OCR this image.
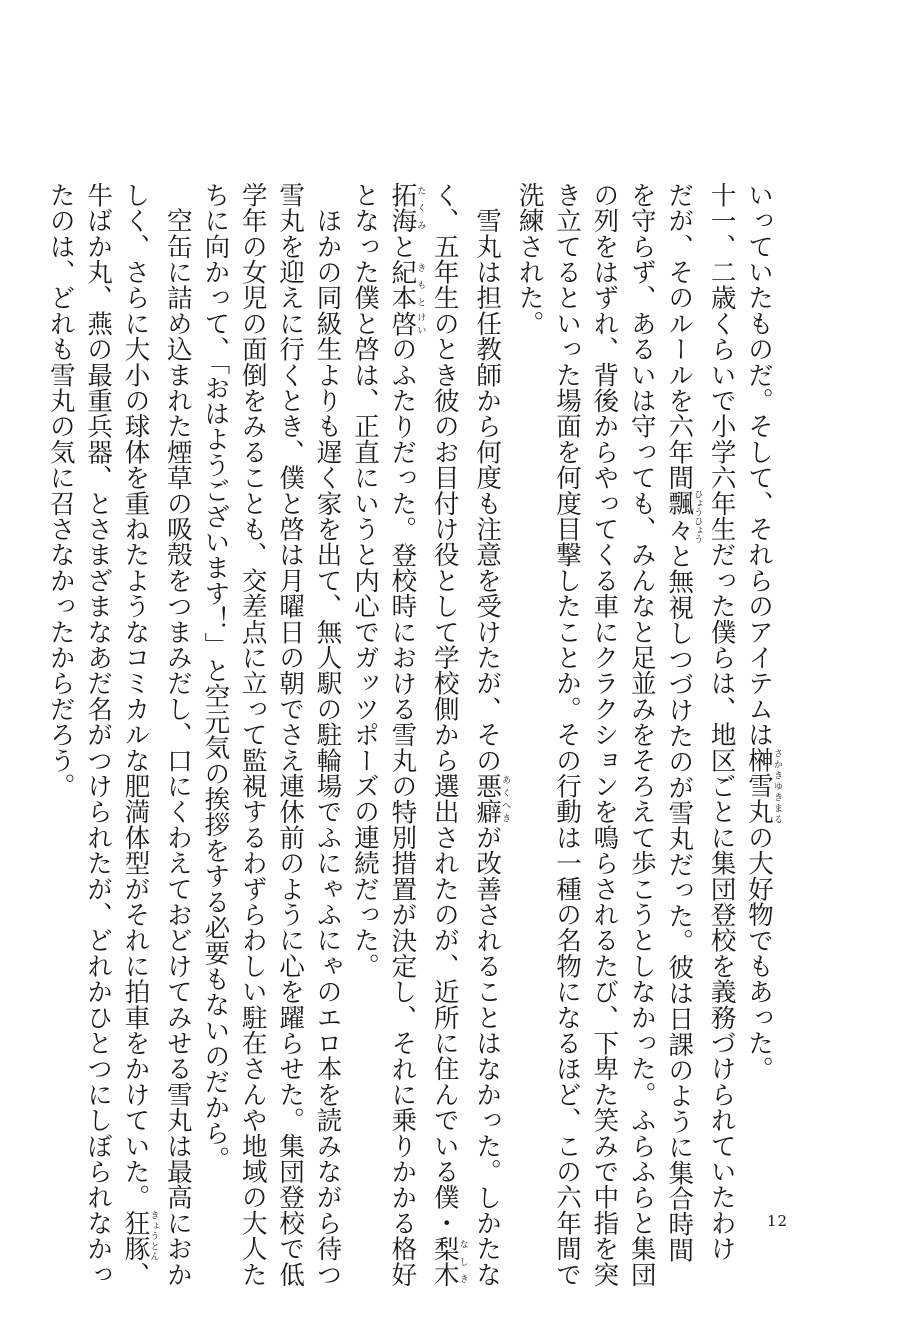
いっていたものだ。そして、それらのアイテムは榊雪丸さかきゆきまるの大好物でもあった。
十一、二歳くらいで小学六年生だった僕らは、地区ごとに集団登校を義務づけられていたわけ
だが、そのルールを六年間飄々ひょうひょうと無視しつづけたのが雪丸だった。彼は日課のように集合時間
を守らず、あるいは守っても、みんなと足並みをそろえて歩こうとしなかった。ふらふらと集団
の列をはずれ、背後からやってくる車にクラクションを鳴らされるたび、下卑た笑みで中指を突
き立てるといった場面を何度目撃したことか。その行動は一種の名物になるほど、この六年間で
洗練された。
　雪丸は担任教師から何度も注意を受けたが、その悪癖あくへきが改善されることはなかった。しかたな
く、五年生のとき彼のお目付け役として学校側から選出されたのが、近所に住んでいる僕・梨木なしき
拓海たくみと紀本きもと啓けいのふたりだった。登校時における雪丸の特別措置が決定し、それに乗りかかる格好
となった僕と啓は、正直にいうと内心でガッツポーズの連続だった。
　ほかの同級生よりも遅く家を出て、無人駅の駐輪場でふにゃふにゃのエロ本を読みながら待つ
雪丸を迎えに行くとき、僕と啓は月曜日の朝でさえ連休前のように心を躍らせた。集団登校で低
学年の女児の面倒をみることも、交差点に立って監視するわずらわしい駐在さんや地域の大人た
ちに向かって、「おはようございます！」と空元気の挨拶をする必要もないのだから。
　空缶に詰め込まれた煙草の吸殻をつまみだし、口にくわえておどけてみせる雪丸は最高におか
しく、さらに大小の球体を重ねたようなコミカルな肥満体型がそれに拍車をかけていた。狂豚きょうとん、
牛ばか丸、燕の最重兵器、とさまざまなあだ名がつけられたが、どれかひとつにしぼられなかっ
たのは、どれも雪丸の気に召さなかったからだろう。
12
